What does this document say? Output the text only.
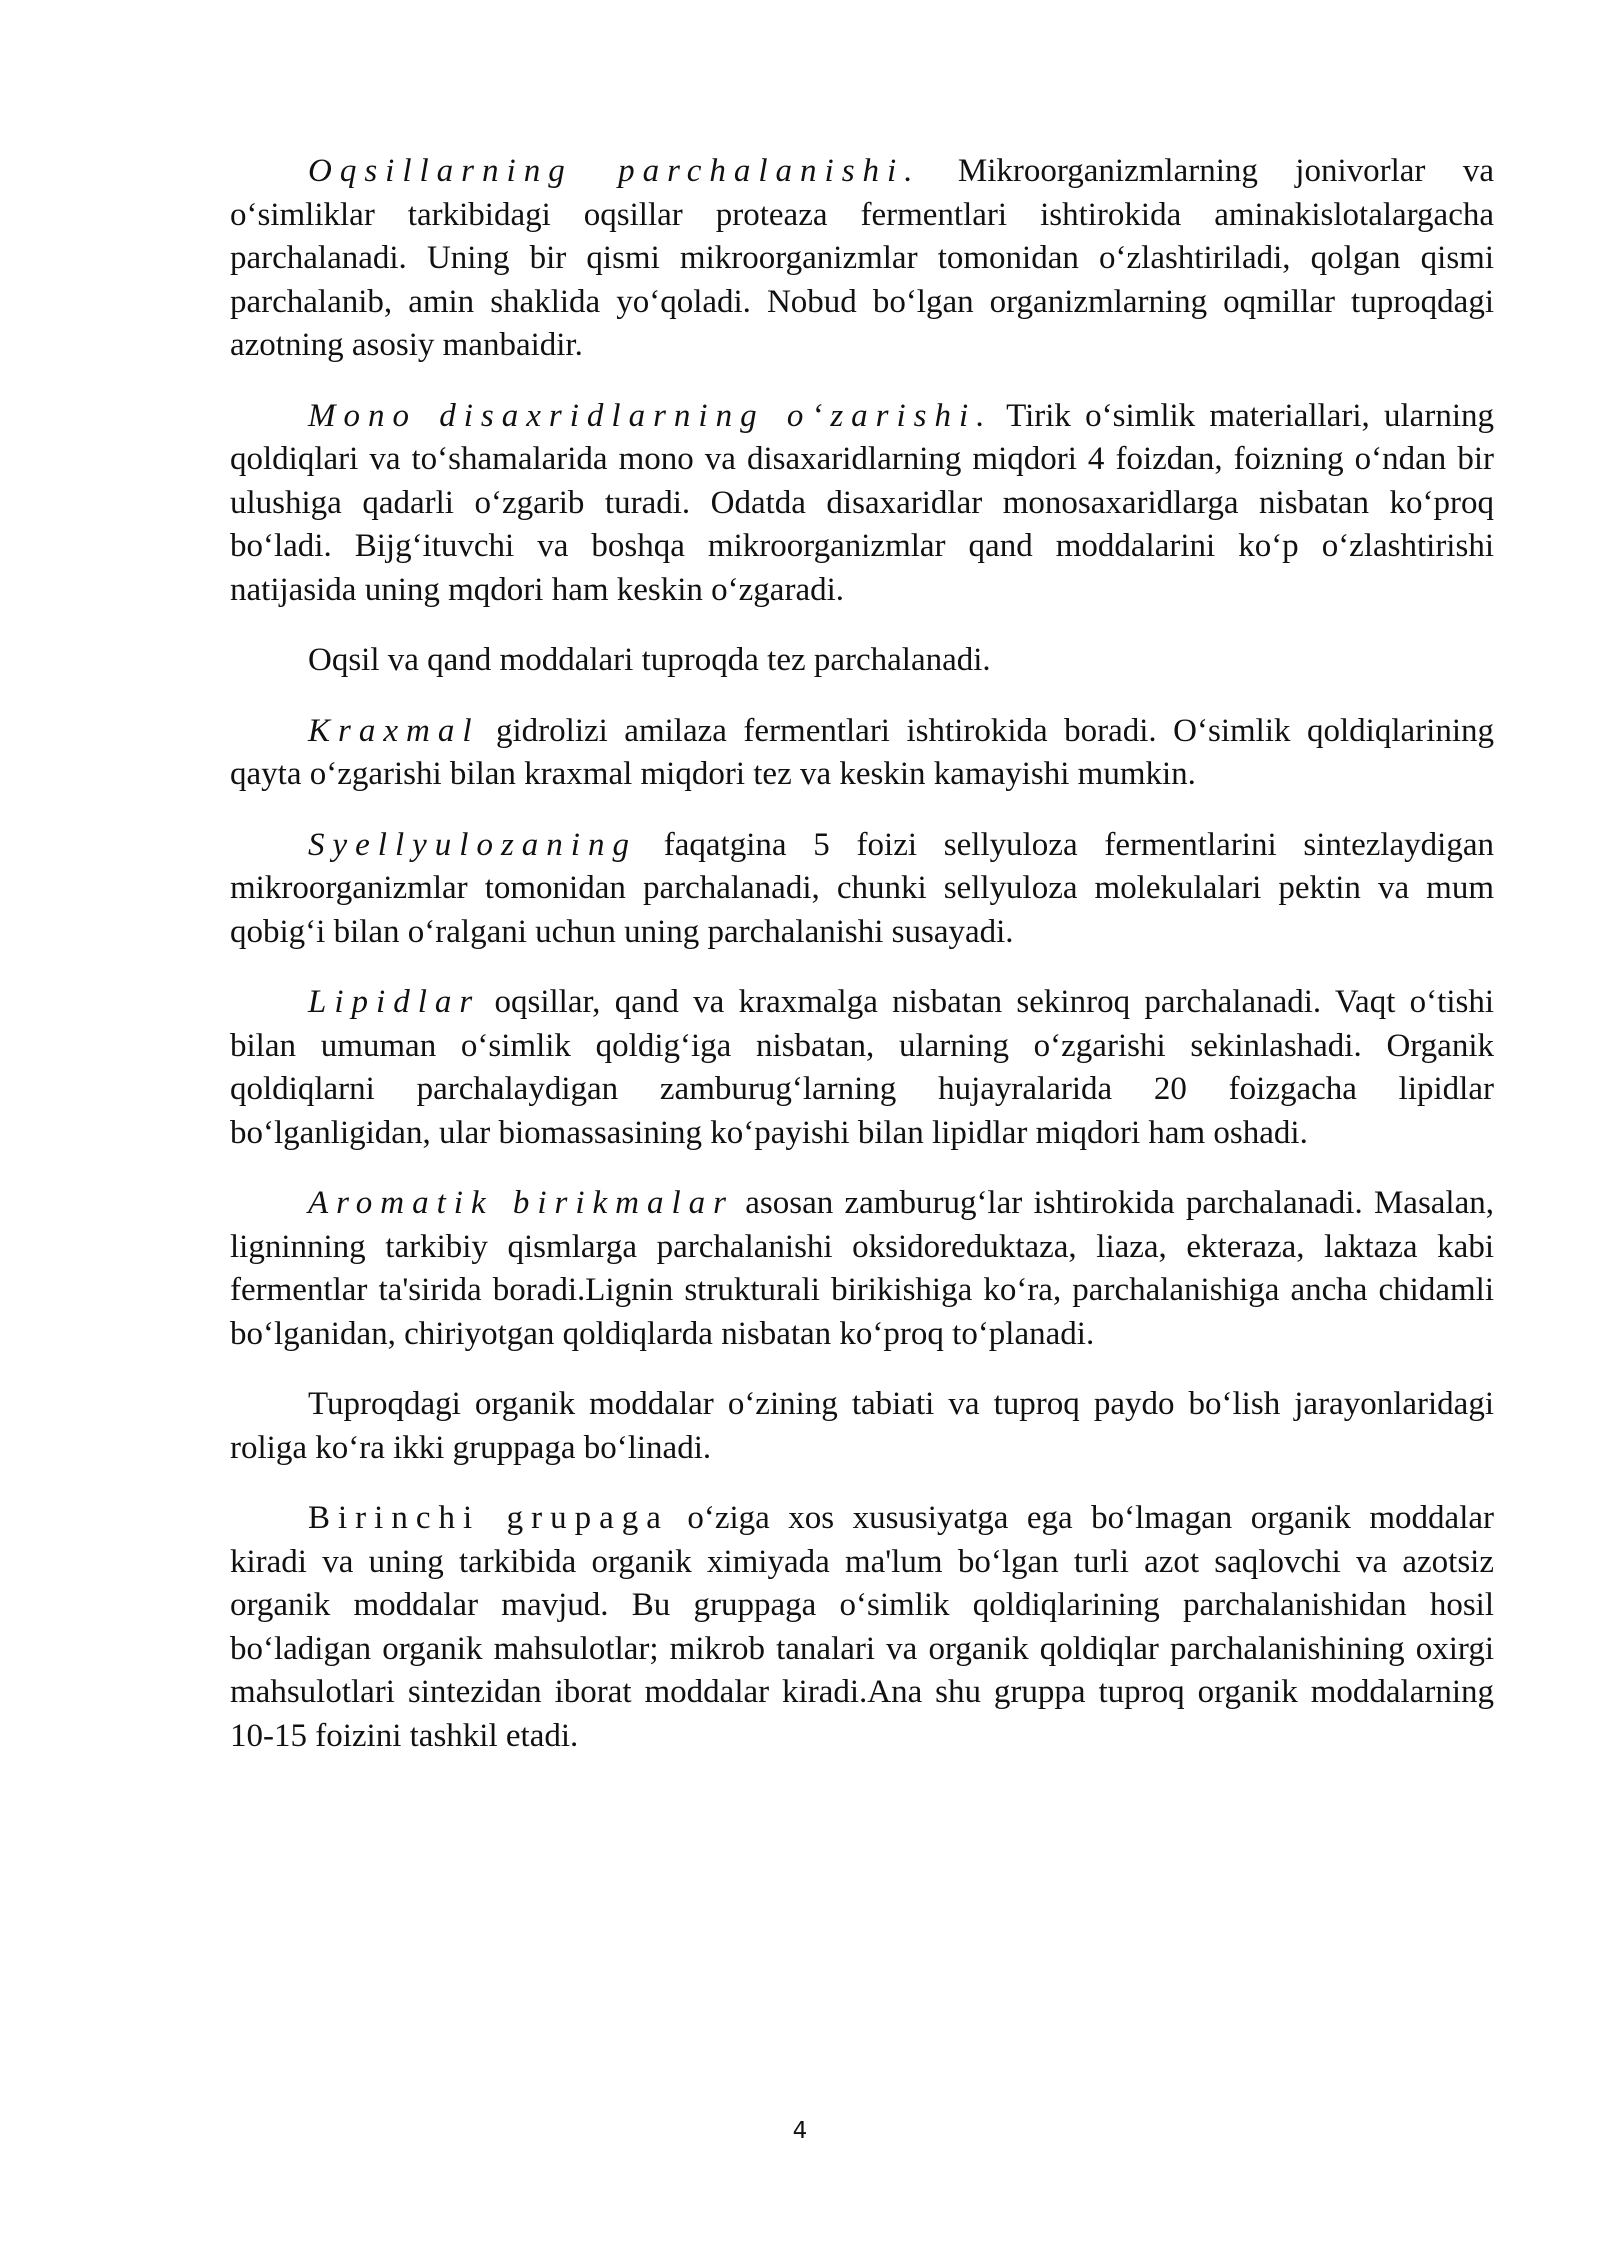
Oqsillarning parchalanishi. Mikroorganizmlarning jonivorlar va o‘simliklar tarkibidagi oqsillar proteaza fermentlari ishtirokida aminakislotalargacha parchalanadi. Uning bir qismi mikroorganizmlar tomonidan o‘zlashtiriladi, qolgan qismi parchalanib, amin shaklida yo‘qoladi. Nobud bo‘lgan organizmlarning oqmillar tuproqdagi azotning asosiy manbaidir.

Mono disaxridlarning o‘zarishi. Tirik o‘simlik materiallari, ularning qoldiqlari va to‘shamalarida mono va disaxaridlarning miqdori 4 foizdan, foizning o‘ndan bir ulushiga qadarli o‘zgarib turadi. Odatda disaxaridlar monosaxaridlarga nisbatan ko‘proq bo‘ladi. Bijg‘ituvchi va boshqa mikroorganizmlar qand moddalarini ko‘p o‘zlashtirishi natijasida uning mqdori ham keskin o‘zgaradi.

Oqsil va qand moddalari tuproqda tez parchalanadi.

Kraxmal gidrolizi amilaza fermentlari ishtirokida boradi. O‘simlik qoldiqlarining qayta o‘zgarishi bilan kraxmal miqdori tez va keskin kamayishi mumkin.

Syellyulozaning faqatgina 5 foizi sellyuloza fermentlarini sintezlaydigan mikroorganizmlar tomonidan parchalanadi, chunki sellyuloza molekulalari pektin va mum qobig‘i bilan o‘ralgani uchun uning parchalanishi susayadi.

Lipidlar oqsillar, qand va kraxmalga nisbatan sekinroq parchalanadi. Vaqt o‘tishi bilan umuman o‘simlik qoldig‘iga nisbatan, ularning o‘zgarishi sekinlashadi. Organik qoldiqlarni parchalaydigan zamburug‘larning hujayralarida 20 foizgacha lipidlar bo‘lganligidan, ular biomassasining ko‘payishi bilan lipidlar miqdori ham oshadi.

Aromatik birikmalar asosan zamburug‘lar ishtirokida parchalanadi. Masalan, ligninning tarkibiy qismlarga parchalanishi oksidoreduktaza, liaza, ekteraza, laktaza kabi fermentlar ta'sirida boradi.Lignin strukturali birikishiga ko‘ra, parchalanishiga ancha chidamli bo‘lganidan, chiriyotgan qoldiqlarda nisbatan ko‘proq to‘planadi.

Tuproqdagi organik moddalar o‘zining tabiati va tuproq paydo bo‘lish jarayonlaridagi roliga ko‘ra ikki gruppaga bo‘linadi.

Birinchi grupaga o‘ziga xos xususiyatga ega bo‘lmagan organik moddalar kiradi va uning tarkibida organik ximiyada ma'lum bo‘lgan turli azot saqlovchi va azotsiz organik moddalar mavjud. Bu gruppaga o‘simlik qoldiqlarining parchalanishidan hosil bo‘ladigan organik mahsulotlar; mikrob tanalari va organik qoldiqlar parchalanishining oxirgi mahsulotlari sintezidan iborat moddalar kiradi.Ana shu gruppa tuproq organik moddalarning 10-15 foizini tashkil etadi.

4
